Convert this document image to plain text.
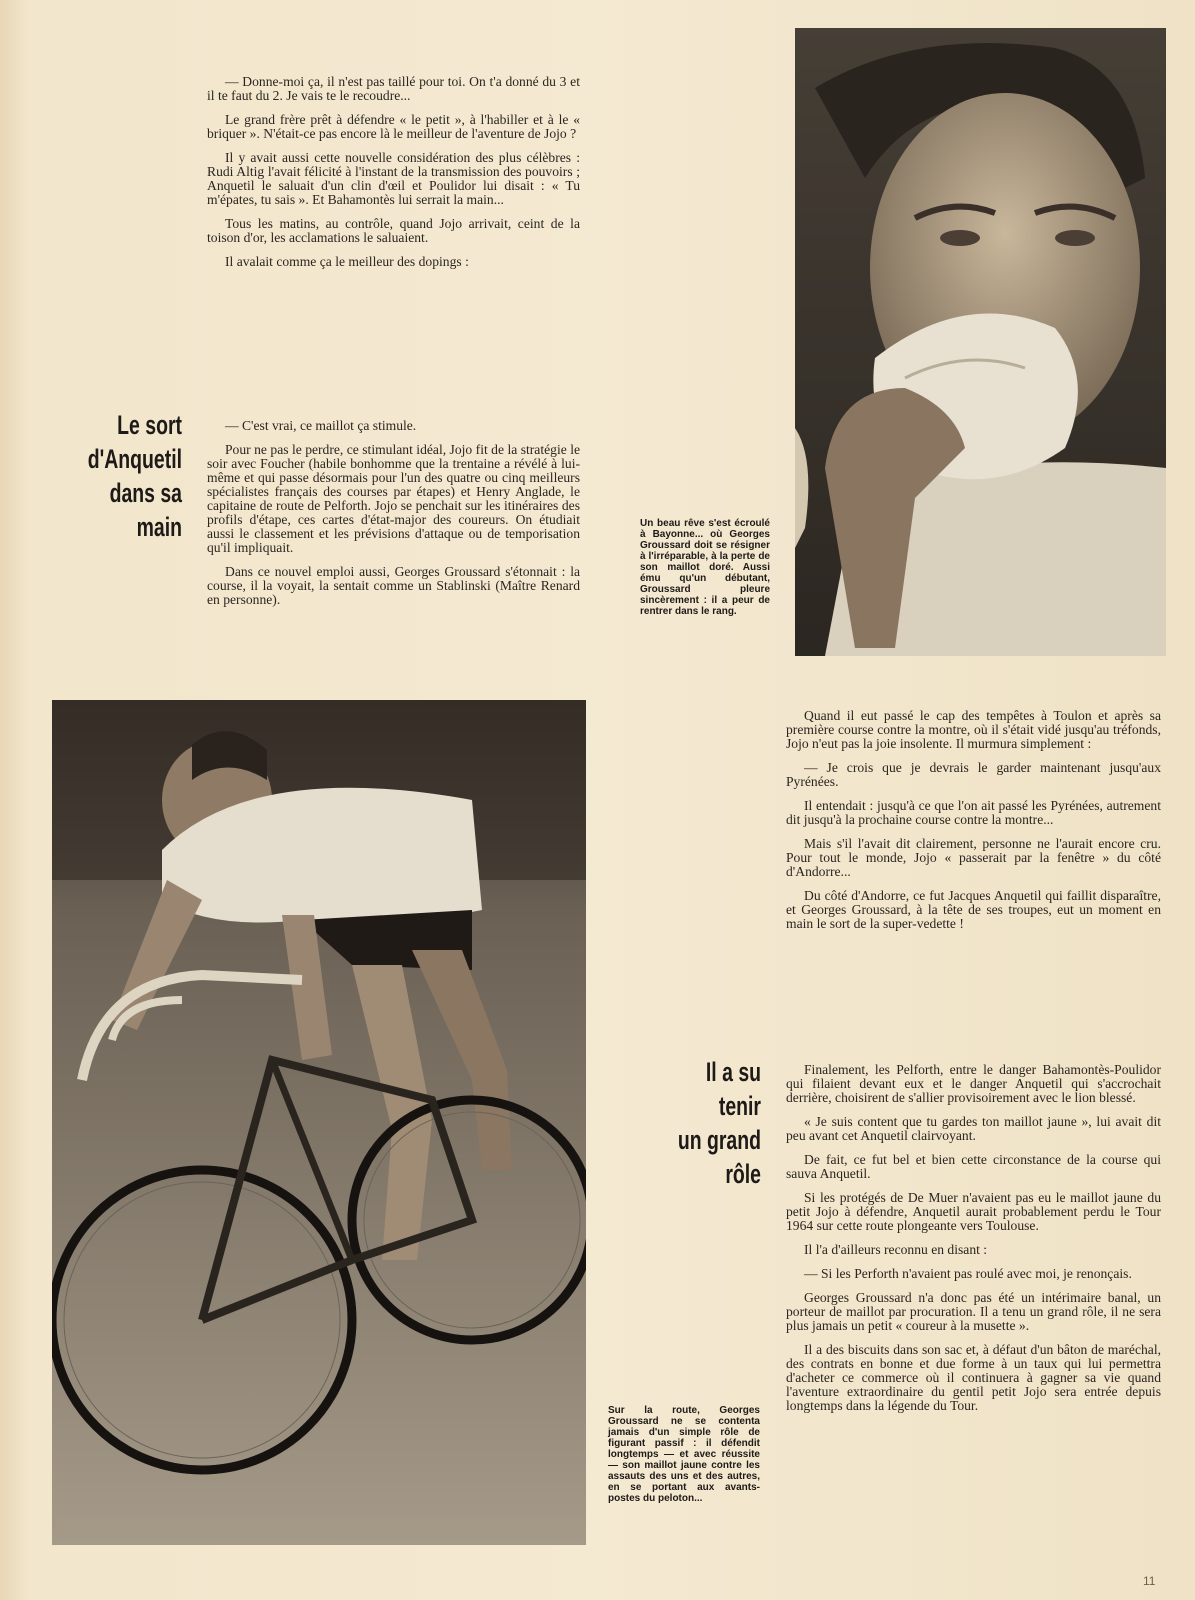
— Donne-moi ça, il n'est pas taillé pour toi. On t'a donné du 3 et il te faut du 2. Je vais te le recoudre...

Le grand frère prêt à défendre « le petit », à l'habiller et à le « briquer ». N'était-ce pas encore là le meilleur de l'aventure de Jojo ?

Il y avait aussi cette nouvelle considération des plus célèbres : Rudi Altig l'avait félicité à l'instant de la transmission des pouvoirs ; Anquetil le saluait d'un clin d'œil et Poulidor lui disait : « Tu m'épates, tu sais ». Et Bahamontès lui serrait la main...

Tous les matins, au contrôle, quand Jojo arrivait, ceint de la toison d'or, les acclamations le saluaient.

Il avalait comme ça le meilleur des dopings :

Le sort
d'Anquetil
dans sa
main

— C'est vrai, ce maillot ça stimule.

Pour ne pas le perdre, ce stimulant idéal, Jojo fit de la stratégie le soir avec Foucher (habile bonhomme que la trentaine a révélé à lui-même et qui passe désormais pour l'un des quatre ou cinq meilleurs spécialistes français des courses par étapes) et Henry Anglade, le capitaine de route de Pelforth. Jojo se penchait sur les itinéraires des profils d'étape, ces cartes d'état-major des coureurs. On étudiait aussi le classement et les prévisions d'attaque ou de temporisation qu'il impliquait.

Dans ce nouvel emploi aussi, Georges Groussard s'étonnait : la course, il la voyait, la sentait comme un Stablinski (Maître Renard en personne).

Un beau rêve s'est écroulé à Bayonne... où Georges Groussard doit se résigner à l'irréparable, à la perte de son maillot doré. Aussi ému qu'un débutant, Groussard pleure sincèrement : il a peur de rentrer dans le rang.

Quand il eut passé le cap des tempêtes à Toulon et après sa première course contre la montre, où il s'était vidé jusqu'au tréfonds, Jojo n'eut pas la joie insolente. Il murmura simplement :

— Je crois que je devrais le garder maintenant jusqu'aux Pyrénées.

Il entendait : jusqu'à ce que l'on ait passé les Pyrénées, autrement dit jusqu'à la prochaine course contre la montre...

Mais s'il l'avait dit clairement, personne ne l'aurait encore cru. Pour tout le monde, Jojo « passerait par la fenêtre » du côté d'Andorre...

Du côté d'Andorre, ce fut Jacques Anquetil qui faillit disparaître, et Georges Groussard, à la tête de ses troupes, eut un moment en main le sort de la super-vedette !

Il a su
tenir
un grand
rôle

Finalement, les Pelforth, entre le danger Bahamontès-Poulidor qui filaient devant eux et le danger Anquetil qui s'accrochait derrière, choisirent de s'allier provisoirement avec le lion blessé.

« Je suis content que tu gardes ton maillot jaune », lui avait dit peu avant cet Anquetil clairvoyant.

De fait, ce fut bel et bien cette circonstance de la course qui sauva Anquetil.

Si les protégés de De Muer n'avaient pas eu le maillot jaune du petit Jojo à défendre, Anquetil aurait probablement perdu le Tour 1964 sur cette route plongeante vers Toulouse.

Il l'a d'ailleurs reconnu en disant :

— Si les Perforth n'avaient pas roulé avec moi, je renonçais.

Georges Groussard n'a donc pas été un intérimaire banal, un porteur de maillot par procuration. Il a tenu un grand rôle, il ne sera plus jamais un petit « coureur à la musette ».

Il a des biscuits dans son sac et, à défaut d'un bâton de maréchal, des contrats en bonne et due forme à un taux qui lui permettra d'acheter ce commerce où il continuera à gagner sa vie quand l'aventure extraordinaire du gentil petit Jojo sera entrée depuis longtemps dans la légende du Tour.

Sur la route, Georges Groussard ne se contenta jamais d'un simple rôle de figurant passif : il défendit longtemps — et avec réussite — son maillot jaune contre les assauts des uns et des autres, en se portant aux avants-postes du peloton...
11
